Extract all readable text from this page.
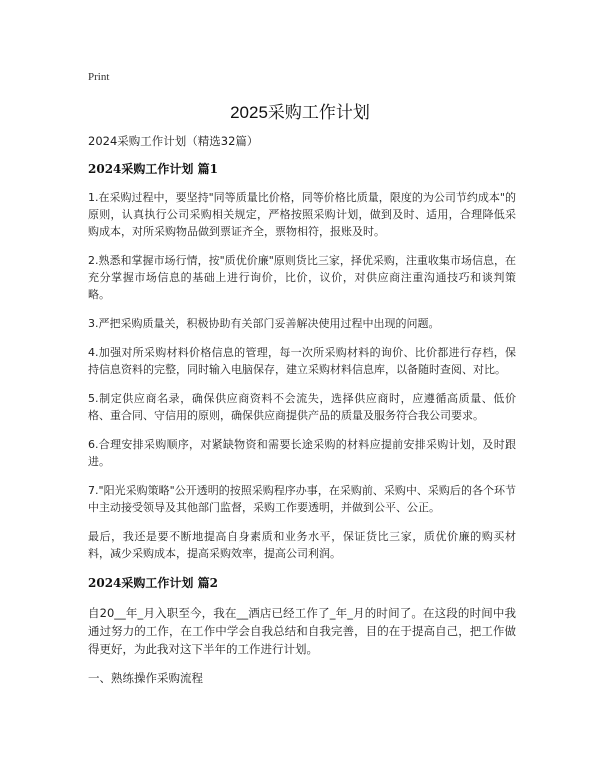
Print
2025采购工作计划
2024采购工作计划（精选32篇）
2024采购工作计划 篇1

1.在采购过程中，要坚持"同等质量比价格，同等价格比质量，限度的为公司节约成本"的原则，认真执行公司采购相关规定，严格按照采购计划，做到及时、适用，合理降低采购成本，对所采购物品做到票证齐全，票物相符，报账及时。

2.熟悉和掌握市场行情，按"质优价廉"原则货比三家，择优采购，注重收集市场信息，在充分掌握市场信息的基础上进行询价，比价，议价，对供应商注重沟通技巧和谈判策略。

3.严把采购质量关，积极协助有关部门妥善解决使用过程中出现的问题。

4.加强对所采购材料价格信息的管理，每一次所采购材料的询价、比价都进行存档，保持信息资料的完整，同时输入电脑保存，建立采购材料信息库，以备随时查阅、对比。

5.制定供应商名录，确保供应商资料不会流失，选择供应商时，应遵循高质量、低价格、重合同、守信用的原则，确保供应商提供产品的质量及服务符合我公司要求。

6.合理安排采购顺序，对紧缺物资和需要长途采购的材料应提前安排采购计划，及时跟进。

7."阳光采购策略"公开透明的按照采购程序办事，在采购前、采购中、采购后的各个环节中主动接受领导及其他部门监督，采购工作要透明，并做到公平、公正。

最后，我还是要不断地提高自身素质和业务水平，保证货比三家，质优价廉的购买材料，减少采购成本，提高采购效率，提高公司利润。

2024采购工作计划 篇2

自20__年_月入职至今，我在__酒店已经工作了_年_月的时间了。在这段的时间中我通过努力的工作，在工作中学会自我总结和自我完善，目的在于提高自己，把工作做得更好，为此我对这下半年的工作进行计划。

一、熟练操作采购流程
